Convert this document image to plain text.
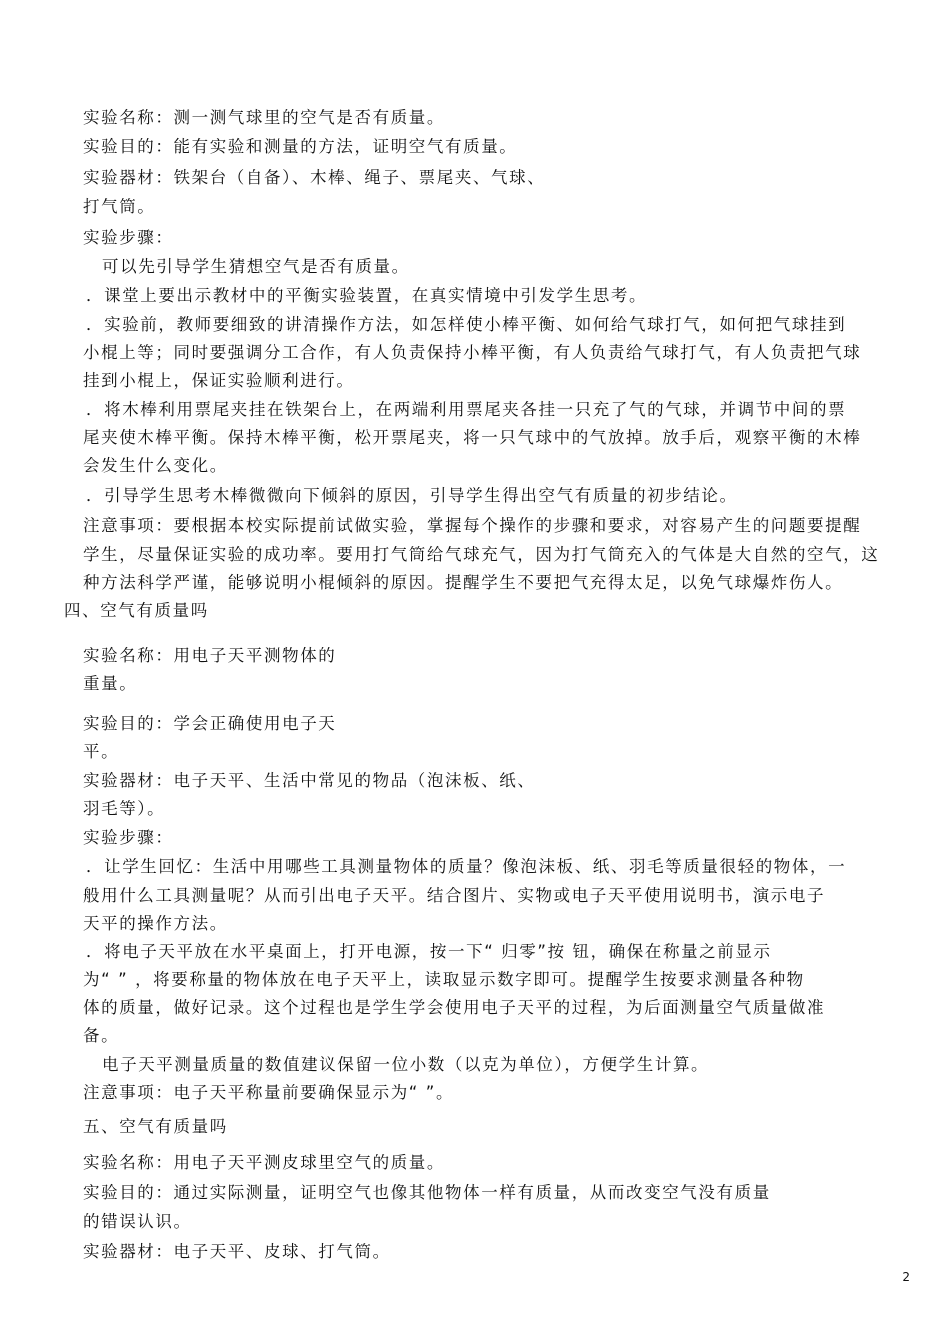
实验名称：测一测气球里的空气是否有质量。
实验目的：能有实验和测量的方法，证明空气有质量。
实验器材：铁架台（自备）、木棒、绳子、票尾夹、气球、
打气筒。
实验步骤：
可以先引导学生猜想空气是否有质量。
．课堂上要出示教材中的平衡实验装置，在真实情境中引发学生思考。
．实验前，教师要细致的讲清操作方法，如怎样使小棒平衡、如何给气球打气，如何把气球挂到
小棍上等；同时要强调分工合作，有人负责保持小棒平衡，有人负责给气球打气，有人负责把气球
挂到小棍上，保证实验顺利进行。
．将木棒利用票尾夹挂在铁架台上，在两端利用票尾夹各挂一只充了气的气球，并调节中间的票
尾夹使木棒平衡。保持木棒平衡，松开票尾夹，将一只气球中的气放掉。放手后，观察平衡的木棒
会发生什么变化。
．引导学生思考木棒微微向下倾斜的原因，引导学生得出空气有质量的初步结论。
注意事项：要根据本校实际提前试做实验，掌握每个操作的步骤和要求，对容易产生的问题要提醒
学生，尽量保证实验的成功率。要用打气筒给气球充气，因为打气筒充入的气体是大自然的空气，这
种方法科学严谨，能够说明小棍倾斜的原因。提醒学生不要把气充得太足，以免气球爆炸伤人。
四、空气有质量吗
实验名称：用电子天平测物体的
重量。
实验目的：学会正确使用电子天
平。
实验器材：电子天平、生活中常见的物品（泡沫板、纸、
羽毛等）。
实验步骤：
．让学生回忆：生活中用哪些工具测量物体的质量？像泡沫板、纸、羽毛等质量很轻的物体，一
般用什么工具测量呢？从而引出电子天平。结合图片、实物或电子天平使用说明书，演示电子
天平的操作方法。
．将电子天平放在水平桌面上，打开电源，按一下“ 归零”按 钮，确保在称量之前显示
为“ ” ，将要称量的物体放在电子天平上，读取显示数字即可。提醒学生按要求测量各种物
体的质量，做好记录。这个过程也是学生学会使用电子天平的过程，为后面测量空气质量做准
备。
电子天平测量质量的数值建议保留一位小数（以克为单位），方便学生计算。
注意事项：电子天平称量前要确保显示为“ ”。
五、空气有质量吗
实验名称：用电子天平测皮球里空气的质量。
实验目的：通过实际测量，证明空气也像其他物体一样有质量，从而改变空气没有质量
的错误认识。
实验器材：电子天平、皮球、打气筒。
2
